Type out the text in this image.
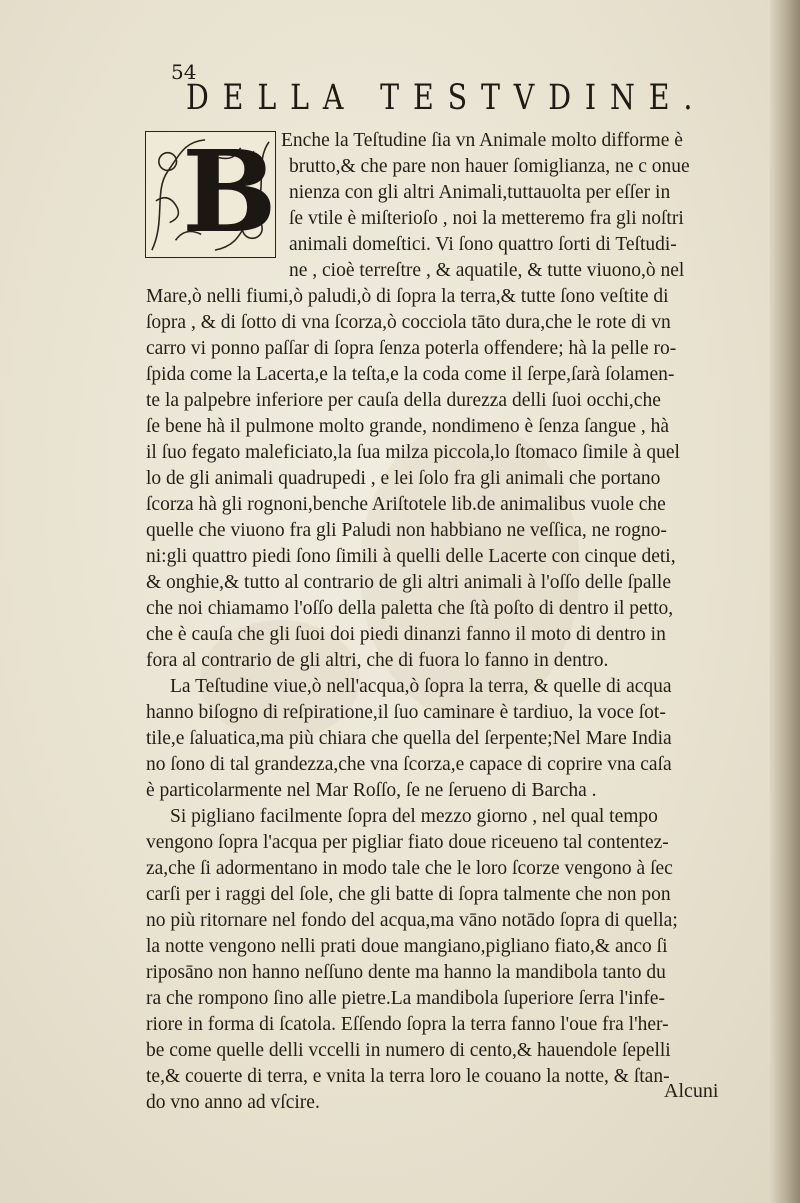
54
DELLA TESTVDINE.
B Enche la Teſtudine ſia vn Animale molto difforme è
brutto,& che pare non hauer ſomiglianza, ne c onue
nienza con gli altri Animali,tuttauolta per eſſer in
ſe vtile è miſterioſo , noi la metteremo fra gli noſtri
animali domeſtici. Vi ſono quattro ſorti di Teſtudi-
ne , cioè terreſtre , & aquatile, & tutte viuono,ò nel
Mare,ò nelli fiumi,ò paludi,ò di ſopra la terra,& tutte ſono veſtite di
ſopra , & di ſotto di vna ſcorza,ò cocciola tāto dura,che le rote di vn
carro vi ponno paſſar di ſopra ſenza poterla offendere; hà la pelle ro-
ſpida come la Lacerta,e la teſta,e la coda come il ſerpe,ſarà ſolamen-
te la palpebre inferiore per cauſa della durezza delli ſuoi occhi,che
ſe bene hà il pulmone molto grande, nondimeno è ſenza ſangue , hà
il ſuo fegato maleficiato,la ſua milza piccola,lo ſtomaco ſimile à quel
lo de gli animali quadrupedi , e lei ſolo fra gli animali che portano
ſcorza hà gli rognoni,benche Ariſtotele lib.de animalibus vuole che
quelle che viuono fra gli Paludi non habbiano ne veſſica, ne rogno-
ni:gli quattro piedi ſono ſimili à quelli delle Lacerte con cinque deti,
& onghie,& tutto al contrario de gli altri animali à l'oſſo delle ſpalle
che noi chiamamo l'oſſo della paletta che ſtà poſto di dentro il petto,
che è cauſa che gli ſuoi doi piedi dinanzi fanno il moto di dentro in
fora al contrario de gli altri, che di fuora lo fanno in dentro.
La Teſtudine viue,ò nell'acqua,ò ſopra la terra, & quelle di acqua
hanno biſogno di reſpiratione,il ſuo caminare è tardiuo, la voce ſot-
tile,e ſaluatica,ma più chiara che quella del ſerpente;Nel Mare India
no ſono di tal grandezza,che vna ſcorza,e capace di coprire vna caſa
è particolarmente nel Mar Roſſo, ſe ne ſerueno di Barcha .
Si pigliano facilmente ſopra del mezzo giorno , nel qual tempo
vengono ſopra l'acqua per pigliar fiato doue riceueno tal contentez-
za,che ſi adormentano in modo tale che le loro ſcorze vengono à ſec
carſi per i raggi del ſole, che gli batte di ſopra talmente che non pon
no più ritornare nel fondo del acqua,ma vāno notādo ſopra di quella;
la notte vengono nelli prati doue mangiano,pigliano fiato,& anco ſi
riposāno non hanno neſſuno dente ma hanno la mandibola tanto du
ra che rompono ſino alle pietre.La mandibola ſuperiore ſerra l'infe-
riore in forma di ſcatola. Eſſendo ſopra la terra fanno l'oue fra l'her-
be come quelle delli vccelli in numero di cento,& hauendole ſepelli
te,& couerte di terra, e vnita la terra loro le couano la notte, & ſtan-
do vno anno ad vſcire.
Alcuni
